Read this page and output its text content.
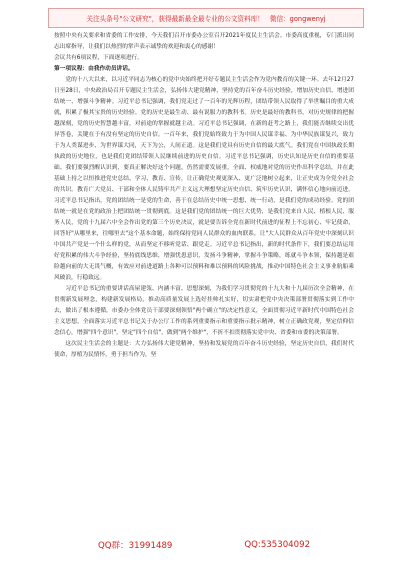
关注头条号"公文研究"，获得最新最全最专业的公文资料库！ 微信：gongwenyj

按照中央有关要求和省委的工作安排，今天我们召开市委办公室召开2021年度民主生活会。市委高度重视，专门派出同志出席指导，让我们以热烈的掌声表示诚挚的欢迎和衷心的感谢！

会议共有6项议程，下面逐项进行。

第一项议程：由我作动员讲话。

党的十八大以来，以习近平同志为核心的党中央始终把开好专题民主生活会作为党内教育的关键一环。去年12月27日至28日，中央政治局召开专题民主生活会，弘扬伟大建党精神，坚持党的百年奋斗历史经验，增加历史自信、增进团结统一、增强斗争精神。习近平总书记强调，我们党走过了一百年的光辉历程，团结带领人民取得了举世瞩目的重大成就，积累了极其宝贵的历史经验。党的历史是最生动、最有说服力的教科书。历史是最好的教科书，对历史规律的把握越深刻，党的历史智慧越丰富，对前途的掌握就越主动。习近平总书记强调，在新的赶考之路上，我们能否继续交出优异答卷，关键在于有没有坚定的历史自信。一百年来，我们党始终致力于为中国人民谋幸福、为中华民族谋复兴，致力于为人类谋进步、为世界谋大同，天下为公，人间正道。这是我们党具有历史自信的最大底气。我们党在中国执政长期执政的历史地位，也是我们党团结带领人民继续前进的历史自信。习近平总书记强调，历史认知是历史自信的重要基础。我们要强烈醒认识到，要真正解决好这个问题，仍然需要发展重，全面、权威地对党的历史作出科学总结，并在此基础上持之以恒推进党史总结、学习、教育、宣传，让正确党史观更深入、更广泛地树立起来，让正史成为全党全社会的共识。教育广大党员、干部和全体人民铸牢共产主义远大理想坚定历史自信、筑牢历史认识，满怀信心地向前迈进。习近平总书记指出，党的团结统一是党的生命，善于在总结历史中统一思想、统一行动，是我们党的成功经验。党的团结统一就是在党的政治上把团结统一贯彻到底。这是我们党的团结统一的巨大优势，是我们党来自人民、植根人民、服务人民，党的十九届六中全会作出党的第三个历史决议，就是要告诉全党在新时代前进的征程上不忘初心、牢记使命，回答好"从哪里来，往哪里去"这个基本命题，始终保持党同人民群众的血肉联系，让"大人民群众从百年党史中深刻认识中国共产党是一个什么样的党，从而坚定不移听党话、跟党走。习近平总书记指出，新的时代条件下，我们要总结运用好党积累的伟大斗争经验，坚持底线思维，增强忧患意识，发扬斗争精神，掌握斗争策略，练就斗争本领，保持越是艰险越向前的大无畏气概，有效应对前进道路上各种可以预料和难以预料的风险挑战，推动中国特色社会主义事业航船乘风破浪，行稳致远。

习近平总书记的重要讲话高屋建瓴、内涵丰富、思想深刻，为我们学习贯彻党的十九大和十九届历次全会精神，在贯彻新发展理念，构建新发展格局，推动高质量发展上选好挂帅扎实好，切实肃把党中央决策部署贯彻落实到工作中去，做出了根本遵循。市委办全体党员干部要深刻领悟"两个确立"的决定性意义，全面贯彻习近平新时代中国特色社会主义思想，全面落实习近平总书记关于办公厅工作的系列重要指示和重要指示批示精神，树立正确政党观，坚定信仰信念信心，增强"四个意识"，坚定"四个自信"，做到"两个维护"，不折不扣贯彻落实党中央、省委和市委的决策部署。

这次民主生活会的主题是：大力弘扬伟大建党精神，坚持和发展党的百年奋斗历史经验，坚定历史自信，我们时代使命，厚植为民情怀，勇于担当作为，坚

QQ群：31991489	QQ:535304092
